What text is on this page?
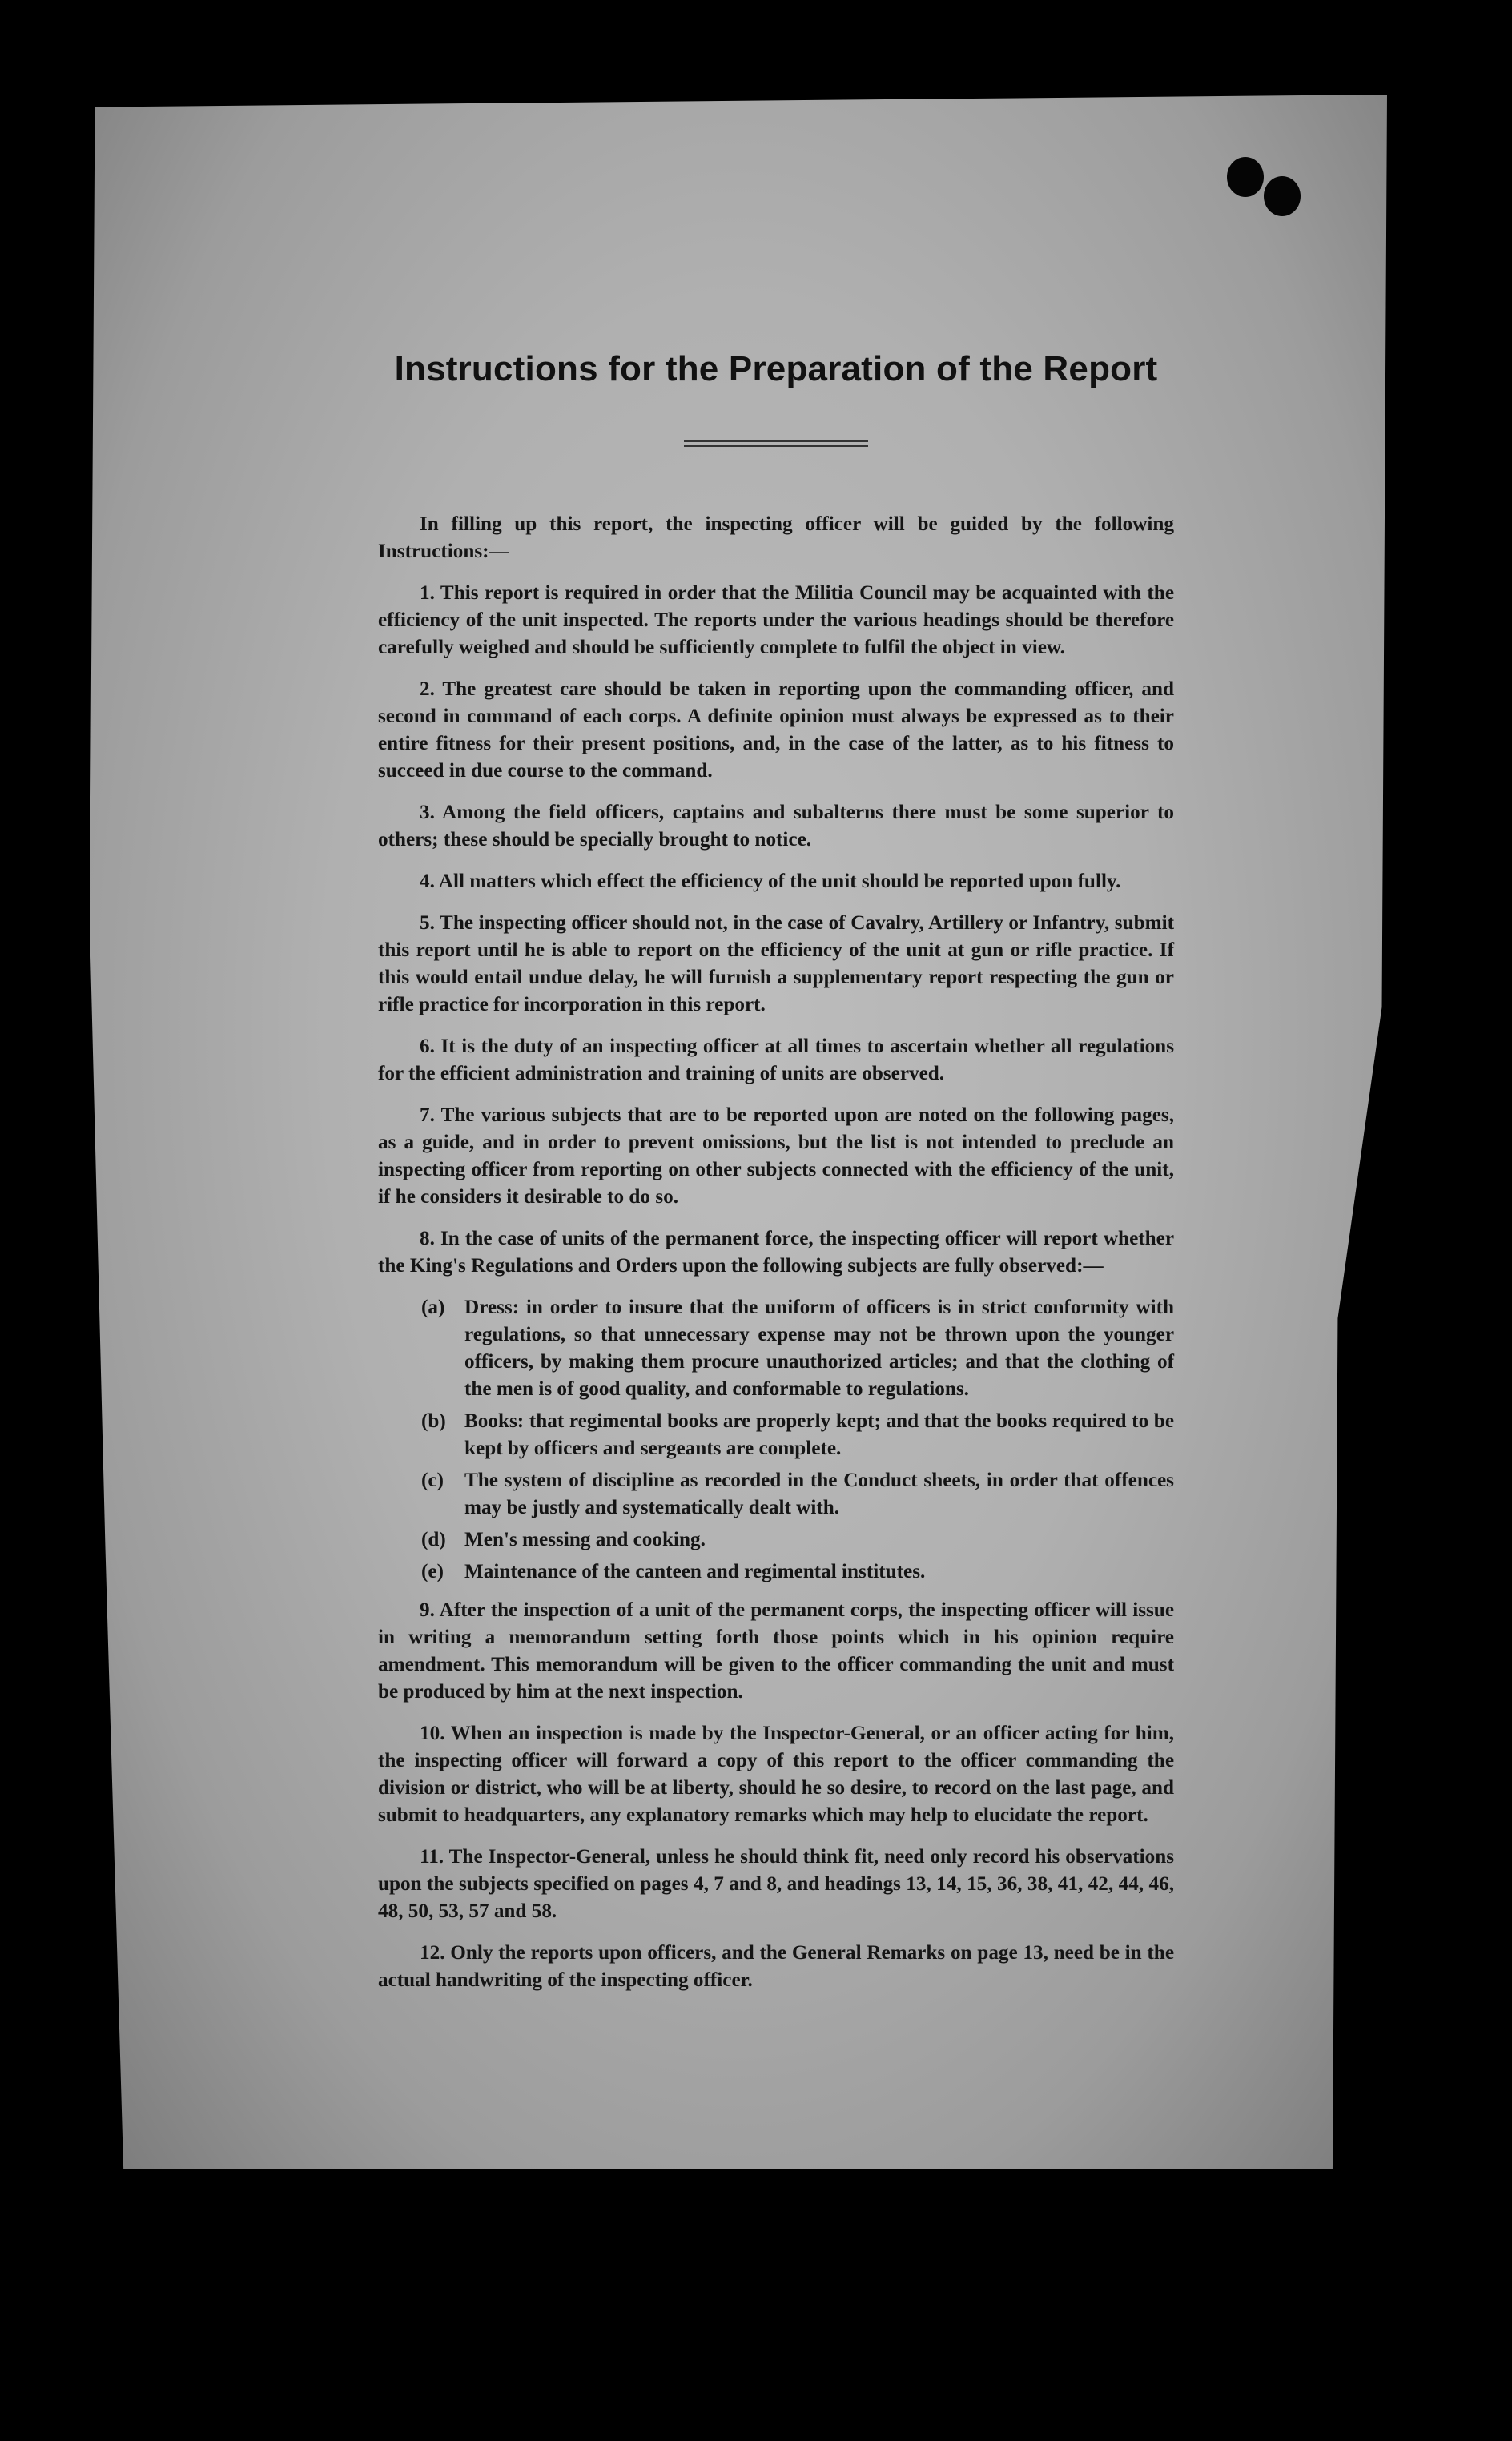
Instructions for the Preparation of the Report

In filling up this report, the inspecting officer will be guided by the following Instructions:—

1. This report is required in order that the Militia Council may be acquainted with the efficiency of the unit inspected. The reports under the various headings should be therefore carefully weighed and should be sufficiently complete to fulfil the object in view.

2. The greatest care should be taken in reporting upon the commanding officer, and second in command of each corps. A definite opinion must always be expressed as to their entire fitness for their present positions, and, in the case of the latter, as to his fitness to succeed in due course to the command.

3. Among the field officers, captains and subalterns there must be some superior to others; these should be specially brought to notice.

4. All matters which effect the efficiency of the unit should be reported upon fully.

5. The inspecting officer should not, in the case of Cavalry, Artillery or Infantry, submit this report until he is able to report on the efficiency of the unit at gun or rifle practice. If this would entail undue delay, he will furnish a supplementary report respecting the gun or rifle practice for incorporation in this report.

6. It is the duty of an inspecting officer at all times to ascertain whether all regulations for the efficient administration and training of units are observed.

7. The various subjects that are to be reported upon are noted on the following pages, as a guide, and in order to prevent omissions, but the list is not intended to preclude an inspecting officer from reporting on other subjects connected with the efficiency of the unit, if he considers it desirable to do so.

8. In the case of units of the permanent force, the inspecting officer will report whether the King's Regulations and Orders upon the following subjects are fully observed:—

(a) Dress: in order to insure that the uniform of officers is in strict conformity with regulations, so that unnecessary expense may not be thrown upon the younger officers, by making them procure unauthorized articles; and that the clothing of the men is of good quality, and conformable to regulations.
(b) Books: that regimental books are properly kept; and that the books required to be kept by officers and sergeants are complete.
(c)	The system of discipline as recorded in the Conduct sheets, in order that offences may be justly and systematically dealt with.
(d) Men's messing and cooking.
(e)	Maintenance of the canteen and regimental institutes.

9. After the inspection of a unit of the permanent corps, the inspecting officer will issue in writing a memorandum setting forth those points which in his opinion require amendment. This memorandum will be given to the officer commanding the unit and must be produced by him at the next inspection.

10. When an inspection is made by the Inspector-General, or an officer acting for him, the inspecting officer will forward a copy of this report to the officer commanding the division or district, who will be at liberty, should he so desire, to record on the last page, and submit to headquarters, any explanatory remarks which may help to elucidate the report.

11. The Inspector-General, unless he should think fit, need only record his observations upon the subjects specified on pages 4, 7 and 8, and headings 13, 14, 15, 36, 38, 41, 42, 44, 46, 48, 50, 53, 57 and 58.

12. Only the reports upon officers, and the General Remarks on page 13, need be in the actual handwriting of the inspecting officer.
